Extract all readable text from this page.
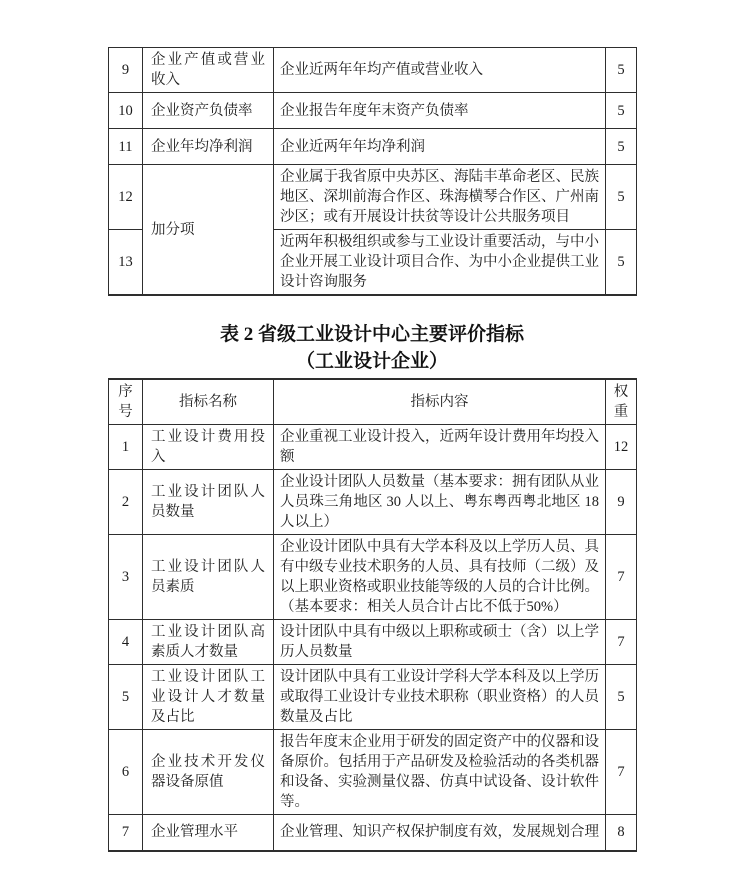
9	企业产值或营业收入	企业近两年年均产值或营业收入	5
10	企业资产负债率	企业报告年度年末资产负债率	5
11	企业年均净利润	企业近两年年均净利润	5
12	加分项	企业属于我省原中央苏区、海陆丰革命老区、民族地区、深圳前海合作区、珠海横琴合作区、广州南沙区；或有开展设计扶贫等设计公共服务项目	5
13		近两年积极组织或参与工业设计重要活动，与中小企业开展工业设计项目合作、为中小企业提供工业设计咨询服务	5
表 2 省级工业设计中心主要评价指标
（工业设计企业）
序号	指标名称	指标内容	权重
1	工业设计费用投入	企业重视工业设计投入，近两年设计费用年均投入额	12
2	工业设计团队人员数量	企业设计团队人员数量（基本要求：拥有团队从业人员珠三角地区 30 人以上、粤东粤西粤北地区 18 人以上）	9
3	工业设计团队人员素质	企业设计团队中具有大学本科及以上学历人员、具有中级专业技术职务的人员、具有技师（二级）及以上职业资格或职业技能等级的人员的合计比例。（基本要求：相关人员合计占比不低于50%）	7
4	工业设计团队高素质人才数量	设计团队中具有中级以上职称或硕士（含）以上学历人员数量	7
5	工业设计团队工业设计人才数量及占比	设计团队中具有工业设计学科大学本科及以上学历或取得工业设计专业技术职称（职业资格）的人员数量及占比	5
6	企业技术开发仪器设备原值	报告年度末企业用于研发的固定资产中的仪器和设备原价。包括用于产品研发及检验活动的各类机器和设备、实验测量仪器、仿真中试设备、设计软件等。	7
7	企业管理水平	企业管理、知识产权保护制度有效，发展规划合理	8
